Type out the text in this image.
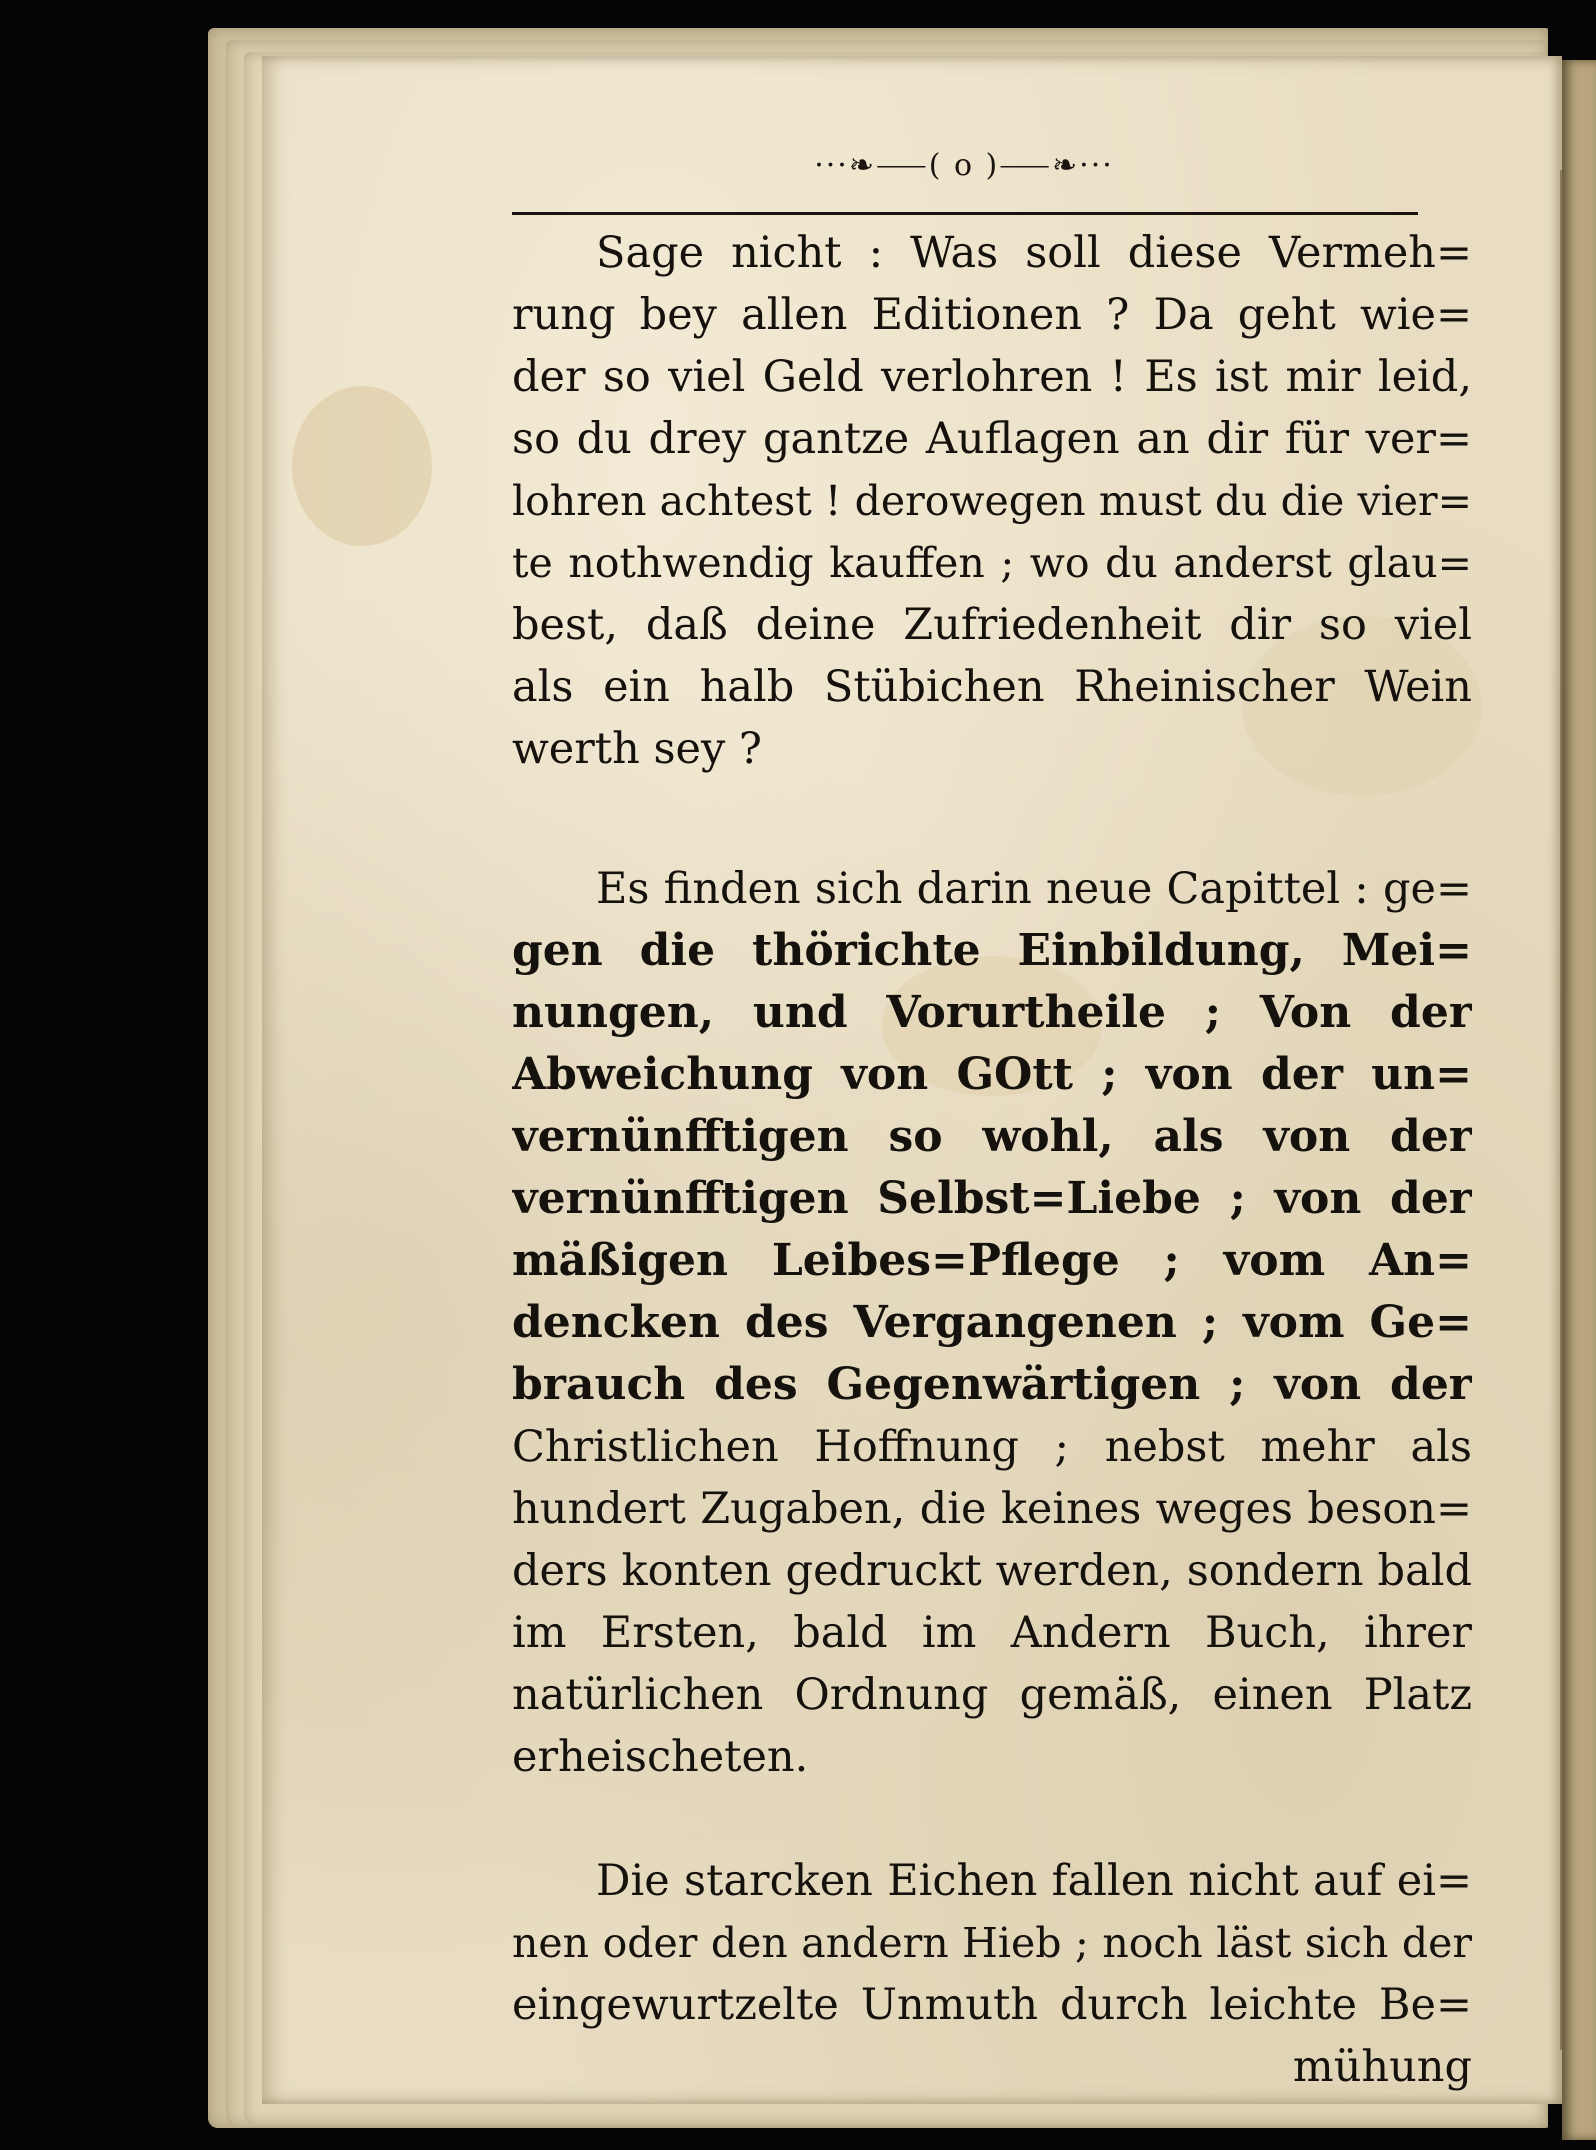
···❧⸺( o )⸺❧···
Sage nicht : Was soll diese Vermeh=
rung bey allen Editionen ? Da geht wie=
der so viel Geld verlohren ! Es ist mir leid,
so du drey gantze Auflagen an dir für ver=
lohren achtest ! derowegen must du die vier=
te nothwendig kauffen ; wo du anderst glau=
best, daß deine Zufriedenheit dir so viel
als ein halb Stübichen Rheinischer Wein
werth sey ?
Es finden sich darin neue Capittel : ge=
gen die thörichte Einbildung, Mei=
nungen, und Vorurtheile ; Von der
Abweichung von GOtt ; von der un=
vernünfftigen so wohl, als von der
vernünfftigen Selbst=Liebe ; von der
mäßigen Leibes=Pflege ; vom An=
dencken des Vergangenen ; vom Ge=
brauch des Gegenwärtigen ; von der
Christlichen Hoffnung ; nebst mehr als
hundert Zugaben, die keines weges beson=
ders konten gedruckt werden, sondern bald
im Ersten, bald im Andern Buch, ihrer
natürlichen Ordnung gemäß, einen Platz
erheischeten.
Die starcken Eichen fallen nicht auf ei=
nen oder den andern Hieb ; noch läst sich der
eingewurtzelte Unmuth durch leichte Be=
mühung
